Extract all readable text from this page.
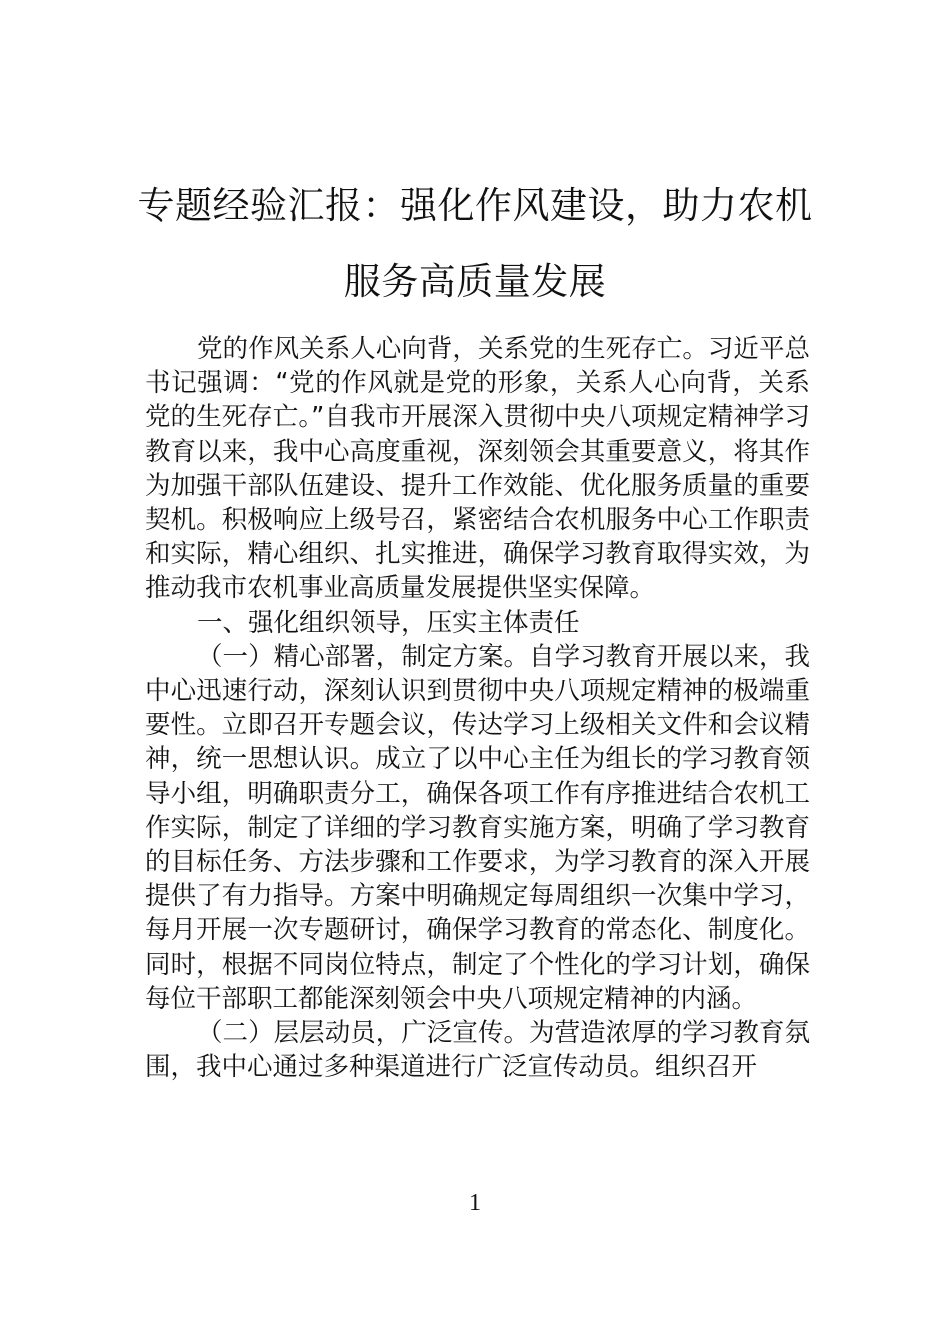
专题经验汇报：强化作风建设，助力农机
服务高质量发展

党的作风关系人心向背，关系党的生死存亡。习近平总书记强调：“党的作风就是党的形象，关系人心向背，关系党的生死存亡。”自我市开展深入贯彻中央八项规定精神学习教育以来，我中心高度重视，深刻领会其重要意义，将其作为加强干部队伍建设、提升工作效能、优化服务质量的重要契机。积极响应上级号召，紧密结合农机服务中心工作职责和实际，精心组织、扎实推进，确保学习教育取得实效，为推动我市农机事业高质量发展提供坚实保障。

一、强化组织领导，压实主体责任

（一）精心部署，制定方案。自学习教育开展以来，我中心迅速行动，深刻认识到贯彻中央八项规定精神的极端重要性。立即召开专题会议，传达学习上级相关文件和会议精神，统一思想认识。成立了以中心主任为组长的学习教育领导小组，明确职责分工，确保各项工作有序推进结合农机工作实际，制定了详细的学习教育实施方案，明确了学习教育的目标任务、方法步骤和工作要求，为学习教育的深入开展提供了有力指导。方案中明确规定每周组织一次集中学习，每月开展一次专题研讨，确保学习教育的常态化、制度化。同时，根据不同岗位特点，制定了个性化的学习计划，确保每位干部职工都能深刻领会中央八项规定精神的内涵。

（二）层层动员，广泛宣传。为营造浓厚的学习教育氛围，我中心通过多种渠道进行广泛宣传动员。组织召开

1
